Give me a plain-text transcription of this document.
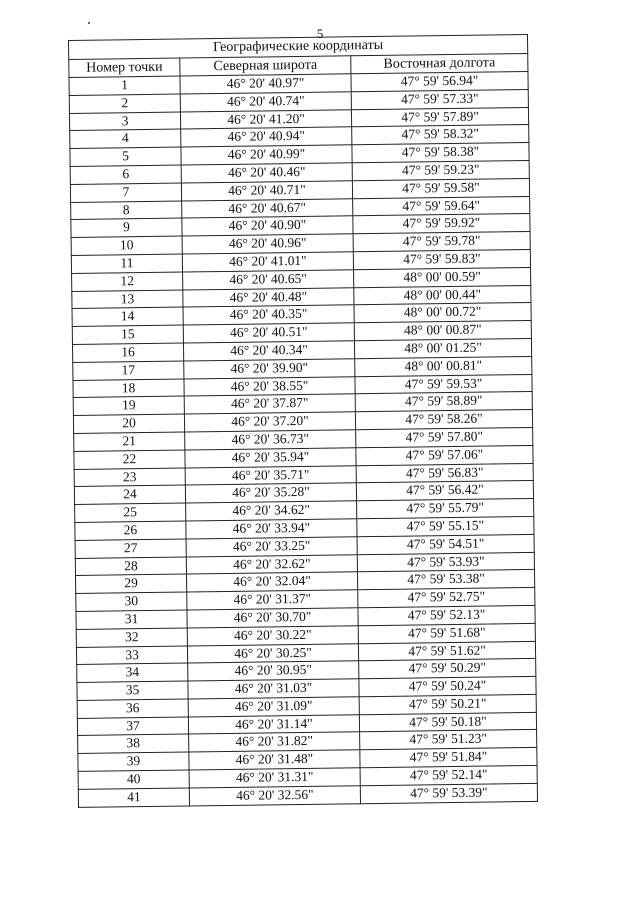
5
Географические координаты		
Номер точки	Северная широта	Восточная долгота
1	46° 20' 40.97"	47° 59' 56.94"
2	46° 20' 40.74"	47° 59' 57.33"
3	46° 20' 41.20"	47° 59' 57.89"
4	46° 20' 40.94"	47° 59' 58.32"
5	46° 20' 40.99"	47° 59' 58.38"
6	46° 20' 40.46"	47° 59' 59.23"
7	46° 20' 40.71"	47° 59' 59.58"
8	46° 20' 40.67"	47° 59' 59.64"
9	46° 20' 40.90"	47° 59' 59.92"
10	46° 20' 40.96"	47° 59' 59.78"
11	46° 20' 41.01"	47° 59' 59.83"
12	46° 20' 40.65"	48° 00' 00.59"
13	46° 20' 40.48"	48° 00' 00.44"
14	46° 20' 40.35"	48° 00' 00.72"
15	46° 20' 40.51"	48° 00' 00.87"
16	46° 20' 40.34"	48° 00' 01.25"
17	46° 20' 39.90"	48° 00' 00.81"
18	46° 20' 38.55"	47° 59' 59.53"
19	46° 20' 37.87"	47° 59' 58.89"
20	46° 20' 37.20"	47° 59' 58.26"
21	46° 20' 36.73"	47° 59' 57.80"
22	46° 20' 35.94"	47° 59' 57.06"
23	46° 20' 35.71"	47° 59' 56.83"
24	46° 20' 35.28"	47° 59' 56.42"
25	46° 20' 34.62"	47° 59' 55.79"
26	46° 20' 33.94"	47° 59' 55.15"
27	46° 20' 33.25"	47° 59' 54.51"
28	46° 20' 32.62"	47° 59' 53.93"
29	46° 20' 32.04"	47° 59' 53.38"
30	46° 20' 31.37"	47° 59' 52.75"
31	46° 20' 30.70"	47° 59' 52.13"
32	46° 20' 30.22"	47° 59' 51.68"
33	46° 20' 30.25"	47° 59' 51.62"
34	46° 20' 30.95"	47° 59' 50.29"
35	46° 20' 31.03"	47° 59' 50.24"
36	46° 20' 31.09"	47° 59' 50.21"
37	46° 20' 31.14"	47° 59' 50.18"
38	46° 20' 31.82"	47° 59' 51.23"
39	46° 20' 31.48"	47° 59' 51.84"
40	46° 20' 31.31"	47° 59' 52.14"
41	46° 20' 32.56"	47° 59' 53.39"
